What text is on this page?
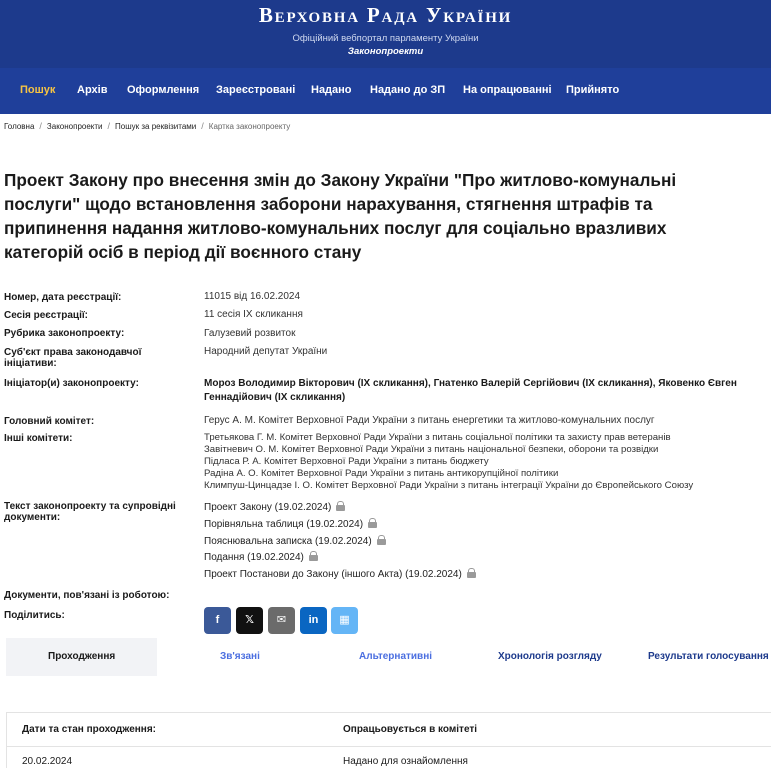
Верховна Рада України
Офіційний вебпортал парламенту України
Законопроекти
Пошук Архів Оформлення Зареєстровані Надано Надано до ЗП На опрацюванні Прийнято
Головна / Законопроекти / Пошук за реквізитами / Картка законопроекту
Проект Закону про внесення змін до Закону України "Про житлово-комунальні послуги" щодо встановлення заборони нарахування, стягнення штрафів та припинення надання житлово-комунальних послуг для соціально вразливих категорій осіб в період дії воєнного стану
Номер, дата реєстрації:	11015 від 16.02.2024
Сесія реєстрації:	11 сесія IX скликання
Рубрика законопроекту:	Галузевий розвиток
Суб'єкт права законодавчої ініціативи:
Народний депутат України
Ініціатор(и) законопроекту:	Мороз Володимир Вікторович (IX скликання), Гнатенко Валерій Сергійович (IX скликання), Яковенко Євген Геннадійович (IX скликання)
Головний комітет:	Герус А. М. Комітет Верховної Ради України з питань енергетики та житлово-комунальних послуг
Інші комітети:	Третьякова Г. М. Комітет Верховної Ради України з питань соціальної політики та захисту прав ветеранів
Завітневич О. М. Комітет Верховної Ради України з питань національної безпеки, оборони та розвідки
Підласа Р. А. Комітет Верховної Ради України з питань бюджету
Радіна А. О. Комітет Верховної Ради України з питань антикорупційної політики
Климпуш-Цинцадзе І. О. Комітет Верховної Ради України з питань інтеграції України до Європейського Союзу
Текст законопроекту та супровідні документи:
Проект Закону (19.02.2024)
Порівняльна таблиця (19.02.2024)
Пояснювальна записка (19.02.2024)
Подання (19.02.2024)
Проект Постанови до Закону (іншого Акта) (19.02.2024)
Документи, пов'язані із роботою:
Поділитись:	f	𝕏	✉	in	▦
Проходження	Зв'язані	Альтернативні	Хронологія розгляду	Результати голосування
Дати та стан проходження:	Опрацьовується в комітеті
20.02.2024	Надано для ознайомлення
